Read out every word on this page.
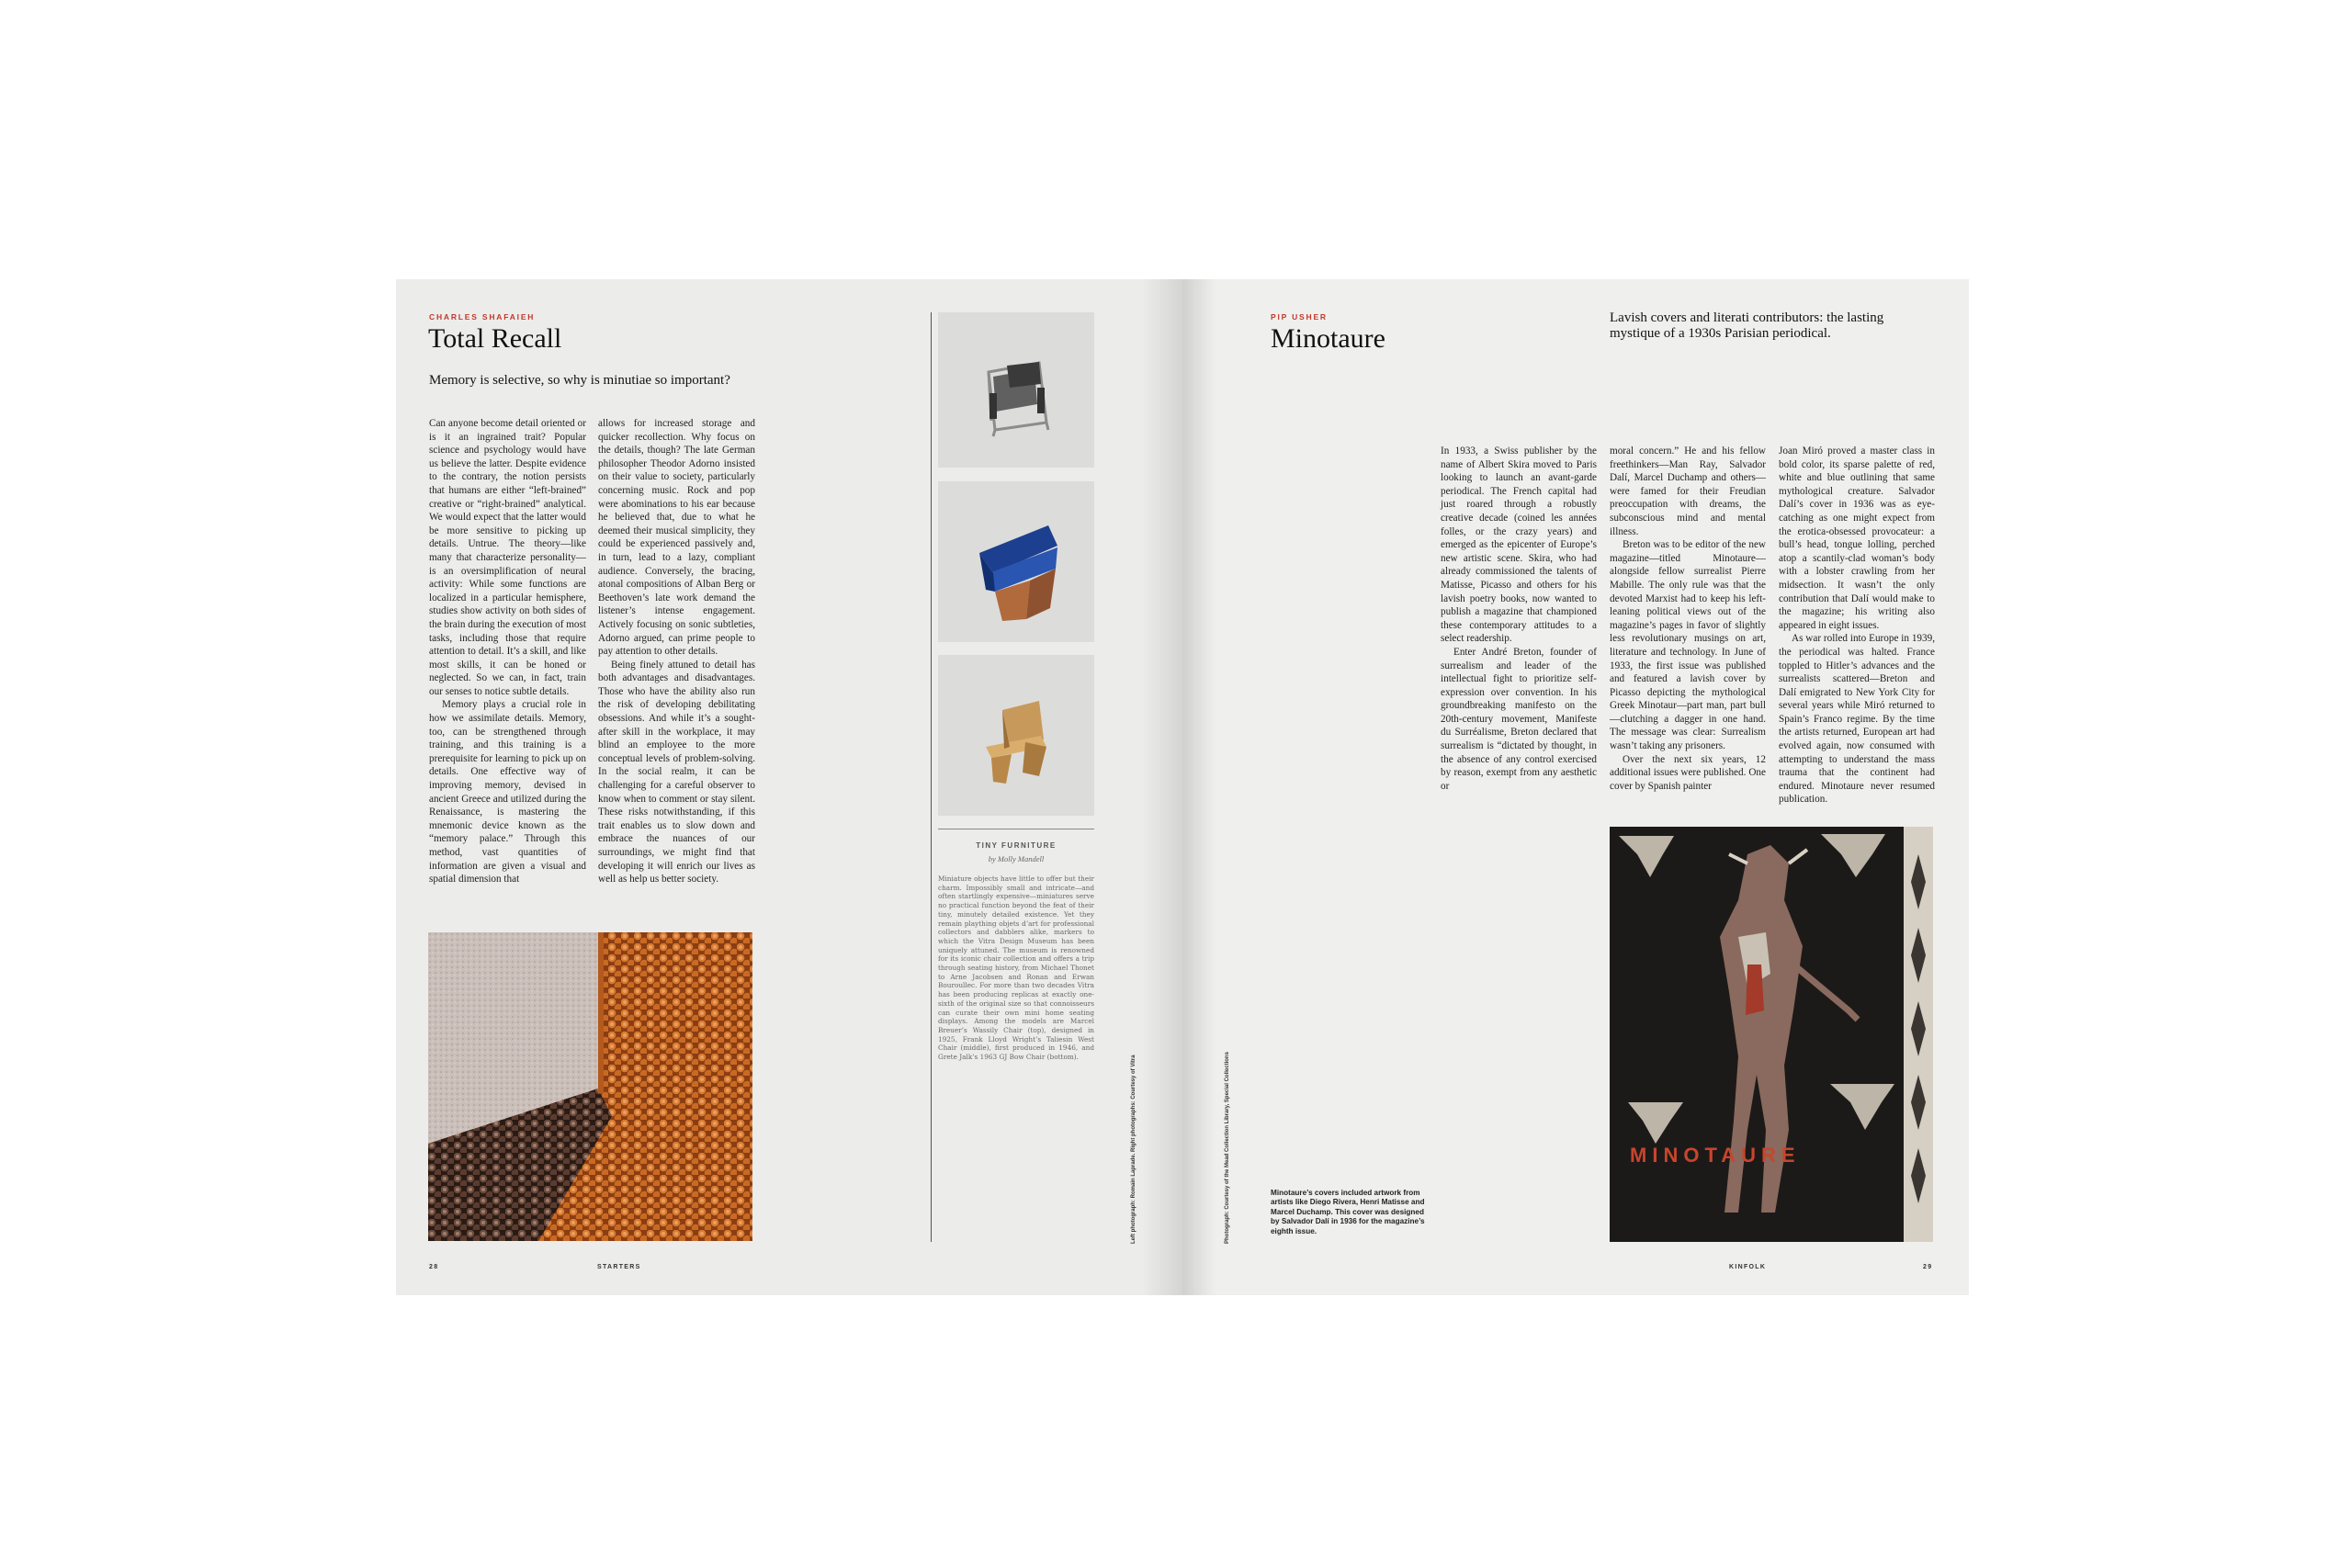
CHARLES SHAFAIEH
Total Recall
Memory is selective, so why is minutiae so important?

Can anyone become detail oriented or is it an ingrained trait? Popular science and psychology would have us believe the latter. Despite evidence to the contrary, the notion persists that humans are either “left-brained” creative or “right-brained” analytical. We would expect that the latter would be more sensitive to picking up details. Untrue. The theory—like many that characterize personality—is an oversimplification of neural activity: While some functions are localized in a particular hemisphere, studies show activity on both sides of the brain during the execution of most tasks, including those that require attention to detail. It’s a skill, and like most skills, it can be honed or neglected. So we can, in fact, train our senses to notice subtle details.

Memory plays a crucial role in how we assimilate details. Memory, too, can be strengthened through training, and this training is a prerequisite for learning to pick up on details. One effective way of improving memory, devised in ancient Greece and utilized during the Renaissance, is mastering the mnemonic device known as the “memory palace.” Through this method, vast quantities of information are given a visual and spatial dimension that

allows for increased storage and quicker recollection. Why focus on the details, though? The late German philosopher Theodor Adorno insisted on their value to society, particularly concerning music. Rock and pop were abominations to his ear because he believed that, due to what he deemed their musical simplicity, they could be experienced passively and, in turn, lead to a lazy, compliant audience. Conversely, the bracing, atonal compositions of Alban Berg or Beethoven’s late work demand the listener’s intense engagement. Actively focusing on sonic subtleties, Adorno argued, can prime people to pay attention to other details.

Being finely attuned to detail has both advantages and disadvantages. Those who have the ability also run the risk of developing debilitating obsessions. And while it’s a sought-after skill in the workplace, it may blind an employee to the more conceptual levels of problem-solving. In the social realm, it can be challenging for a careful observer to know when to comment or stay silent. These risks notwithstanding, if this trait enables us to slow down and embrace the nuances of our surroundings, we might find that developing it will enrich our lives as well as help us better society.

TINY FURNITURE
by Molly Mandell
Miniature objects have little to offer but their charm. Impossibly small and intricate—and often startlingly expensive—miniatures serve no practical function beyond the feat of their tiny, minutely detailed existence. Yet they remain plaything objets d’art for professional collectors and dabblers alike, markers to which the Vitra Design Museum has been uniquely attuned. The museum is renowned for its iconic chair collection and offers a trip through seating history, from Michael Thonet to Arne Jacobsen and Ronan and Erwan Bouroullec. For more than two decades Vitra has been producing replicas at exactly one-sixth of the original size so that connoisseurs can curate their own mini home seating displays. Among the models are Marcel Breuer’s Wassily Chair (top), designed in 1925, Frank Lloyd Wright’s Taliesin West Chair (middle), first produced in 1946, and Grete Jalk’s 1963 GJ Bow Chair (bottom).	Left photograph: Romain Laprade. Right photographs: Courtesy of Vitra
28	STARTERS
PIP USHER
Minotaure
Lavish covers and literati contributors: the lasting mystique of a 1930s Parisian periodical.

In 1933, a Swiss publisher by the name of Albert Skira moved to Paris looking to launch an avant-garde periodical. The French capital had just roared through a robustly creative decade (coined les années folles, or the crazy years) and emerged as the epicenter of Europe’s new artistic scene. Skira, who had already commissioned the talents of Matisse, Picasso and others for his lavish poetry books, now wanted to publish a magazine that championed these contemporary attitudes to a select readership.

Enter André Breton, founder of surrealism and leader of the intellectual fight to prioritize self-expression over convention. In his groundbreaking manifesto on the 20th-century movement, Manifeste du Surréalisme, Breton declared that surrealism is “dictated by thought, in the absence of any control exercised by reason, exempt from any aesthetic or

moral concern.” He and his fellow freethinkers—Man Ray, Salvador Dalí, Marcel Duchamp and others—were famed for their Freudian preoccupation with dreams, the subconscious mind and mental illness.

Breton was to be editor of the new magazine—titled Minotaure—alongside fellow surrealist Pierre Mabille. The only rule was that the devoted Marxist had to keep his left-leaning political views out of the magazine’s pages in favor of slightly less revolutionary musings on art, literature and technology. In June of 1933, the first issue was published and featured a lavish cover by Picasso depicting the mythological Greek Minotaur—part man, part bull—clutching a dagger in one hand. The message was clear: Surrealism wasn’t taking any prisoners.

Over the next six years, 12 additional issues were published. One cover by Spanish painter

Joan Miró proved a master class in bold color, its sparse palette of red, white and blue outlining that same mythological creature. Salvador Dalí’s cover in 1936 was as eye-catching as one might expect from the erotica-obsessed provocateur: a bull’s head, tongue lolling, perched atop a scantily-clad woman’s body with a lobster crawling from her midsection. It wasn’t the only contribution that Dalí would make to the magazine; his writing also appeared in eight issues.

As war rolled into Europe in 1939, the periodical was halted. France toppled to Hitler’s advances and the surrealists scattered—Breton and Dalí emigrated to New York City for several years while Miró returned to Spain’s Franco regime. By the time the artists returned, European art had evolved again, now consumed with attempting to understand the mass trauma that the continent had endured. Minotaure never resumed publication.

MINOTAURE
Photograph: Courtesy of the Mead Collection Library, Special Collections	Minotaure’s covers included artwork from artists like Diego Rivera, Henri Matisse and Marcel Duchamp. This cover was designed by Salvador Dalí in 1936 for the magazine’s eighth issue.
KINFOLK	29
